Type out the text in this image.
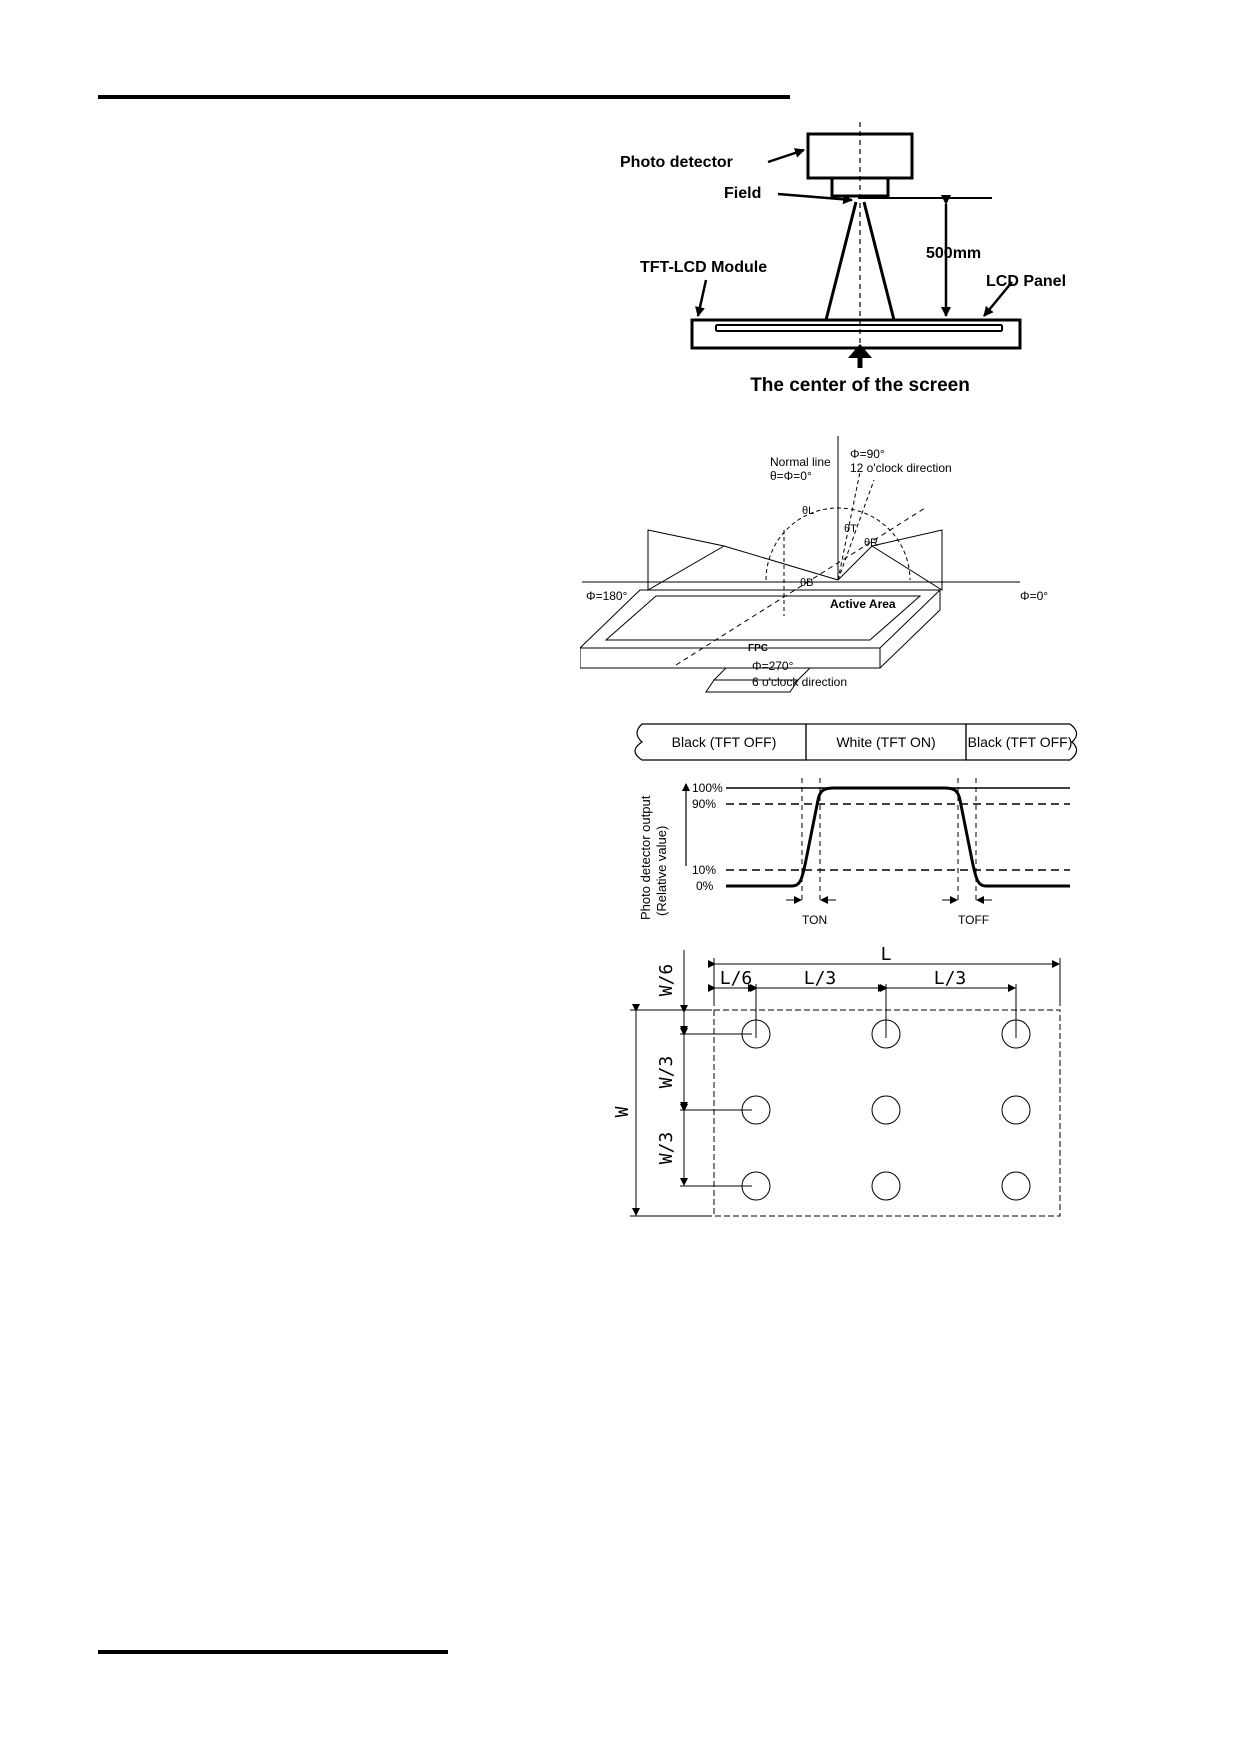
Photo detector
Field
500mm
TFT-LCD Module
LCD Panel
The center of the screen
Normal line
θ=Φ=0°
Φ=90°
12 o'clock direction
θL
θT
θR
θB
Φ=180°	Φ=0°
Active Area
FPC
Φ=270°
6 o'clock direction
Black (TFT OFF)	White (TFT ON) Black (TFT OFF)
Photo detector output (Relative value)
100%
90%
10%
0%
TON	TOFF
L
L/6	L/3	L/3
W/6
W/3
W/3
W
